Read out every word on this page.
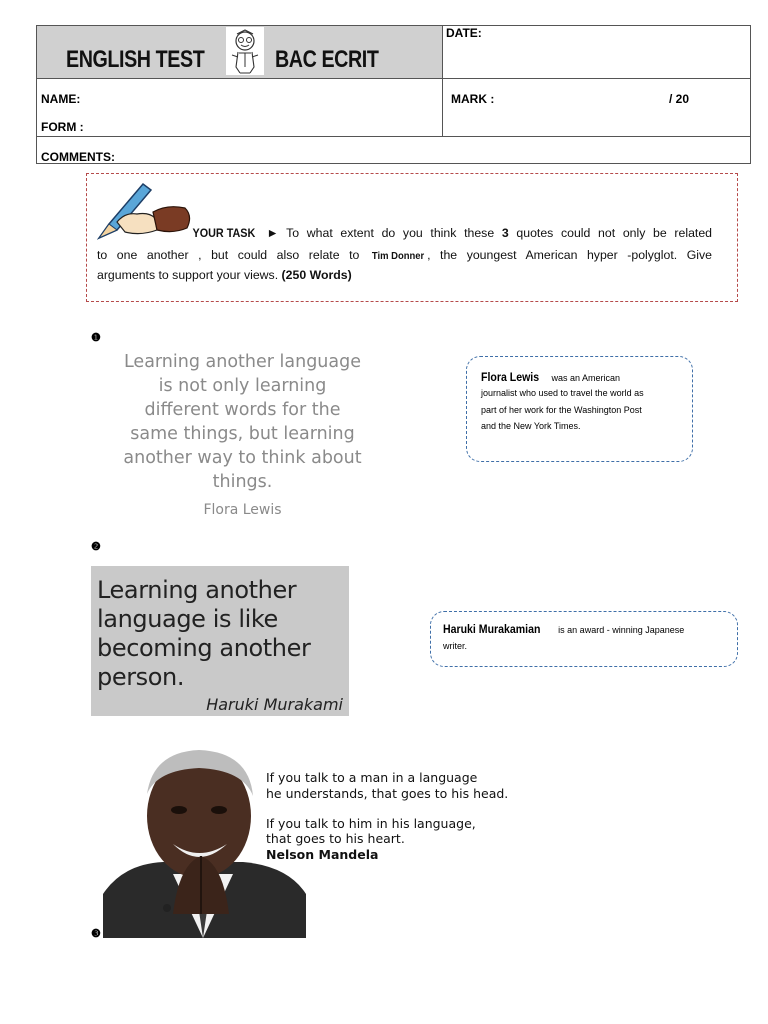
ENGLISH TEST	BAC ECRIT
DATE:
NAME:	MARK :	/ 20
FORM :
COMMENTS:
YOUR TASK ► To what extent do you think these 3 quotes could not only be related
to one another , but could also relate to Tim Donner , the youngest American hyper -polyglot. Give
arguments to support your views. (250 Words)
❶
Learning another language
is not only learning
different words for the
same things, but learning
another way to think about
things.
Flora Lewis
Flora Lewis was an American
journalist who used to travel the world as
part of her work for the Washington Post
and the New York Times.
❷
Learning another
language is like
becoming another
person.
Haruki Murakami
Haruki Murakamian is an award - winning Japanese
writer.
❸
If you talk to a man in a language
he understands, that goes to his head.
If you talk to him in his language,
that goes to his heart.
Nelson Mandela
